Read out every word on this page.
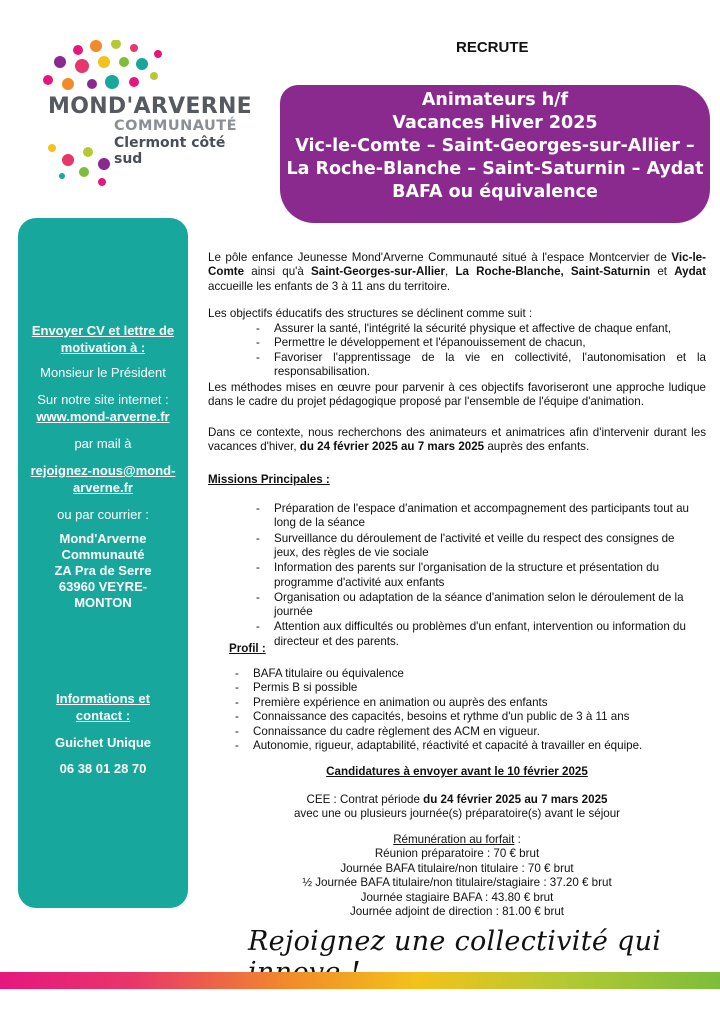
MOND'ARVERNE
COMMUNAUTÉ
Clermont côté sud
RECRUTE
Animateurs h/f
Vacances Hiver 2025
Vic-le-Comte – Saint-Georges-sur-Allier –
La Roche-Blanche – Saint-Saturnin – Aydat
BAFA ou équivalence
Envoyer CV et lettre de motivation à :
Monsieur le Président
Sur notre site internet :
www.mond-arverne.fr
par mail à
rejoignez-nous@mond-arverne.fr
ou par courrier :
Mond'Arverne
Communauté
ZA Pra de Serre
63960 VEYRE-
MONTON
Informations et contact :
Guichet Unique
06 38 01 28 70
Le pôle enfance Jeunesse Mond'Arverne Communauté situé à l'espace Montcervier de Vic-le-Comte ainsi qu'à Saint-Georges-sur-Allier, La Roche-Blanche, Saint-Saturnin et Aydat accueille les enfants de 3 à 11 ans du territoire.
Les objectifs éducatifs des structures se déclinent comme suit :
- Assurer la santé, l'intégrité la sécurité physique et affective de chaque enfant,
- Permettre le développement et l'épanouissement de chacun,
- Favoriser l'apprentissage de la vie en collectivité, l'autonomisation et la responsabilisation.
Les méthodes mises en œuvre pour parvenir à ces objectifs favoriseront une approche ludique dans le cadre du projet pédagogique proposé par l'ensemble de l'équipe d'animation.
Dans ce contexte, nous recherchons des animateurs et animatrices afin d'intervenir durant les vacances d'hiver, du 24 février 2025 au 7 mars 2025 auprès des enfants.
Missions Principales :
- Préparation de l'espace d'animation et accompagnement des participants tout au long de la séance
- Surveillance du déroulement de l'activité et veille du respect des consignes de jeux, des règles de vie sociale
- Information des parents sur l'organisation de la structure et présentation du programme d'activité aux enfants
- Organisation ou adaptation de la séance d'animation selon le déroulement de la journée
- Attention aux difficultés ou problèmes d'un enfant, intervention ou information du directeur et des parents.
Profil :
- BAFA titulaire ou équivalence
- Permis B si possible
- Première expérience en animation ou auprès des enfants
- Connaissance des capacités, besoins et rythme d'un public de 3 à 11 ans
- Connaissance du cadre règlement des ACM en vigueur.
- Autonomie, rigueur, adaptabilité, réactivité et capacité à travailler en équipe.
Candidatures à envoyer avant le 10 février 2025
CEE : Contrat période du 24 février 2025 au 7 mars 2025
avec une ou plusieurs journée(s) préparatoire(s) avant le séjour
Rémunération au forfait :
Réunion préparatoire : 70 € brut
Journée BAFA titulaire/non titulaire : 70 € brut
½ Journée BAFA titulaire/non titulaire/stagiaire : 37.20 € brut
Journée stagiaire BAFA : 43.80 € brut
Journée adjoint de direction : 81.00 € brut
Rejoignez une collectivité qui
